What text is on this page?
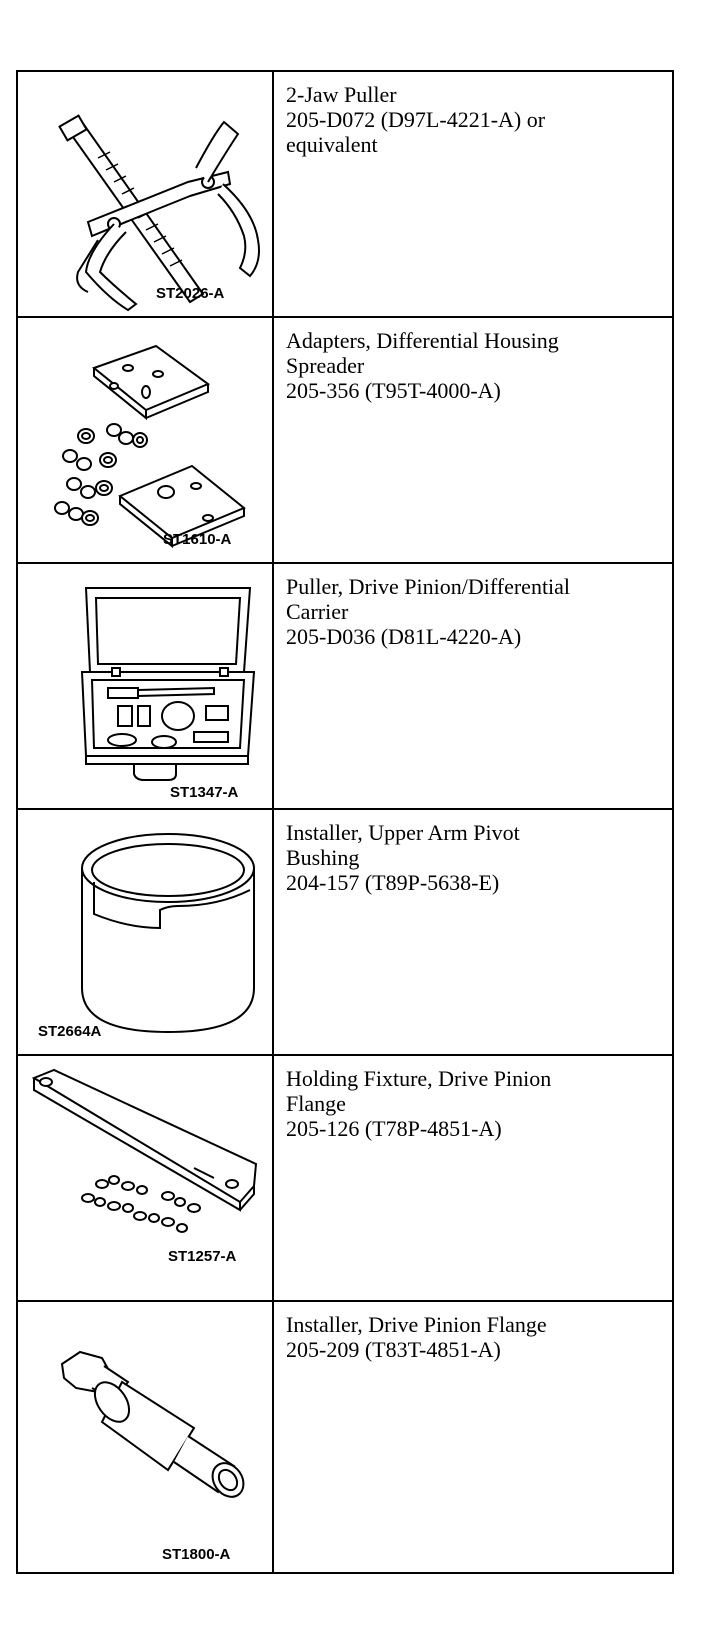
ST2026-A
2-Jaw Puller
205-D072 (D97L-4221-A) or
equivalent
ST1610-A
Adapters, Differential Housing
Spreader
205-356 (T95T-4000-A)
ST1347-A
Puller, Drive Pinion/Differential
Carrier
205-D036 (D81L-4220-A)
ST2664A
Installer, Upper Arm Pivot
Bushing
204-157 (T89P-5638-E)
ST1257-A
Holding Fixture, Drive Pinion
Flange
205-126 (T78P-4851-A)
ST1800-A
Installer, Drive Pinion Flange
205-209 (T83T-4851-A)
